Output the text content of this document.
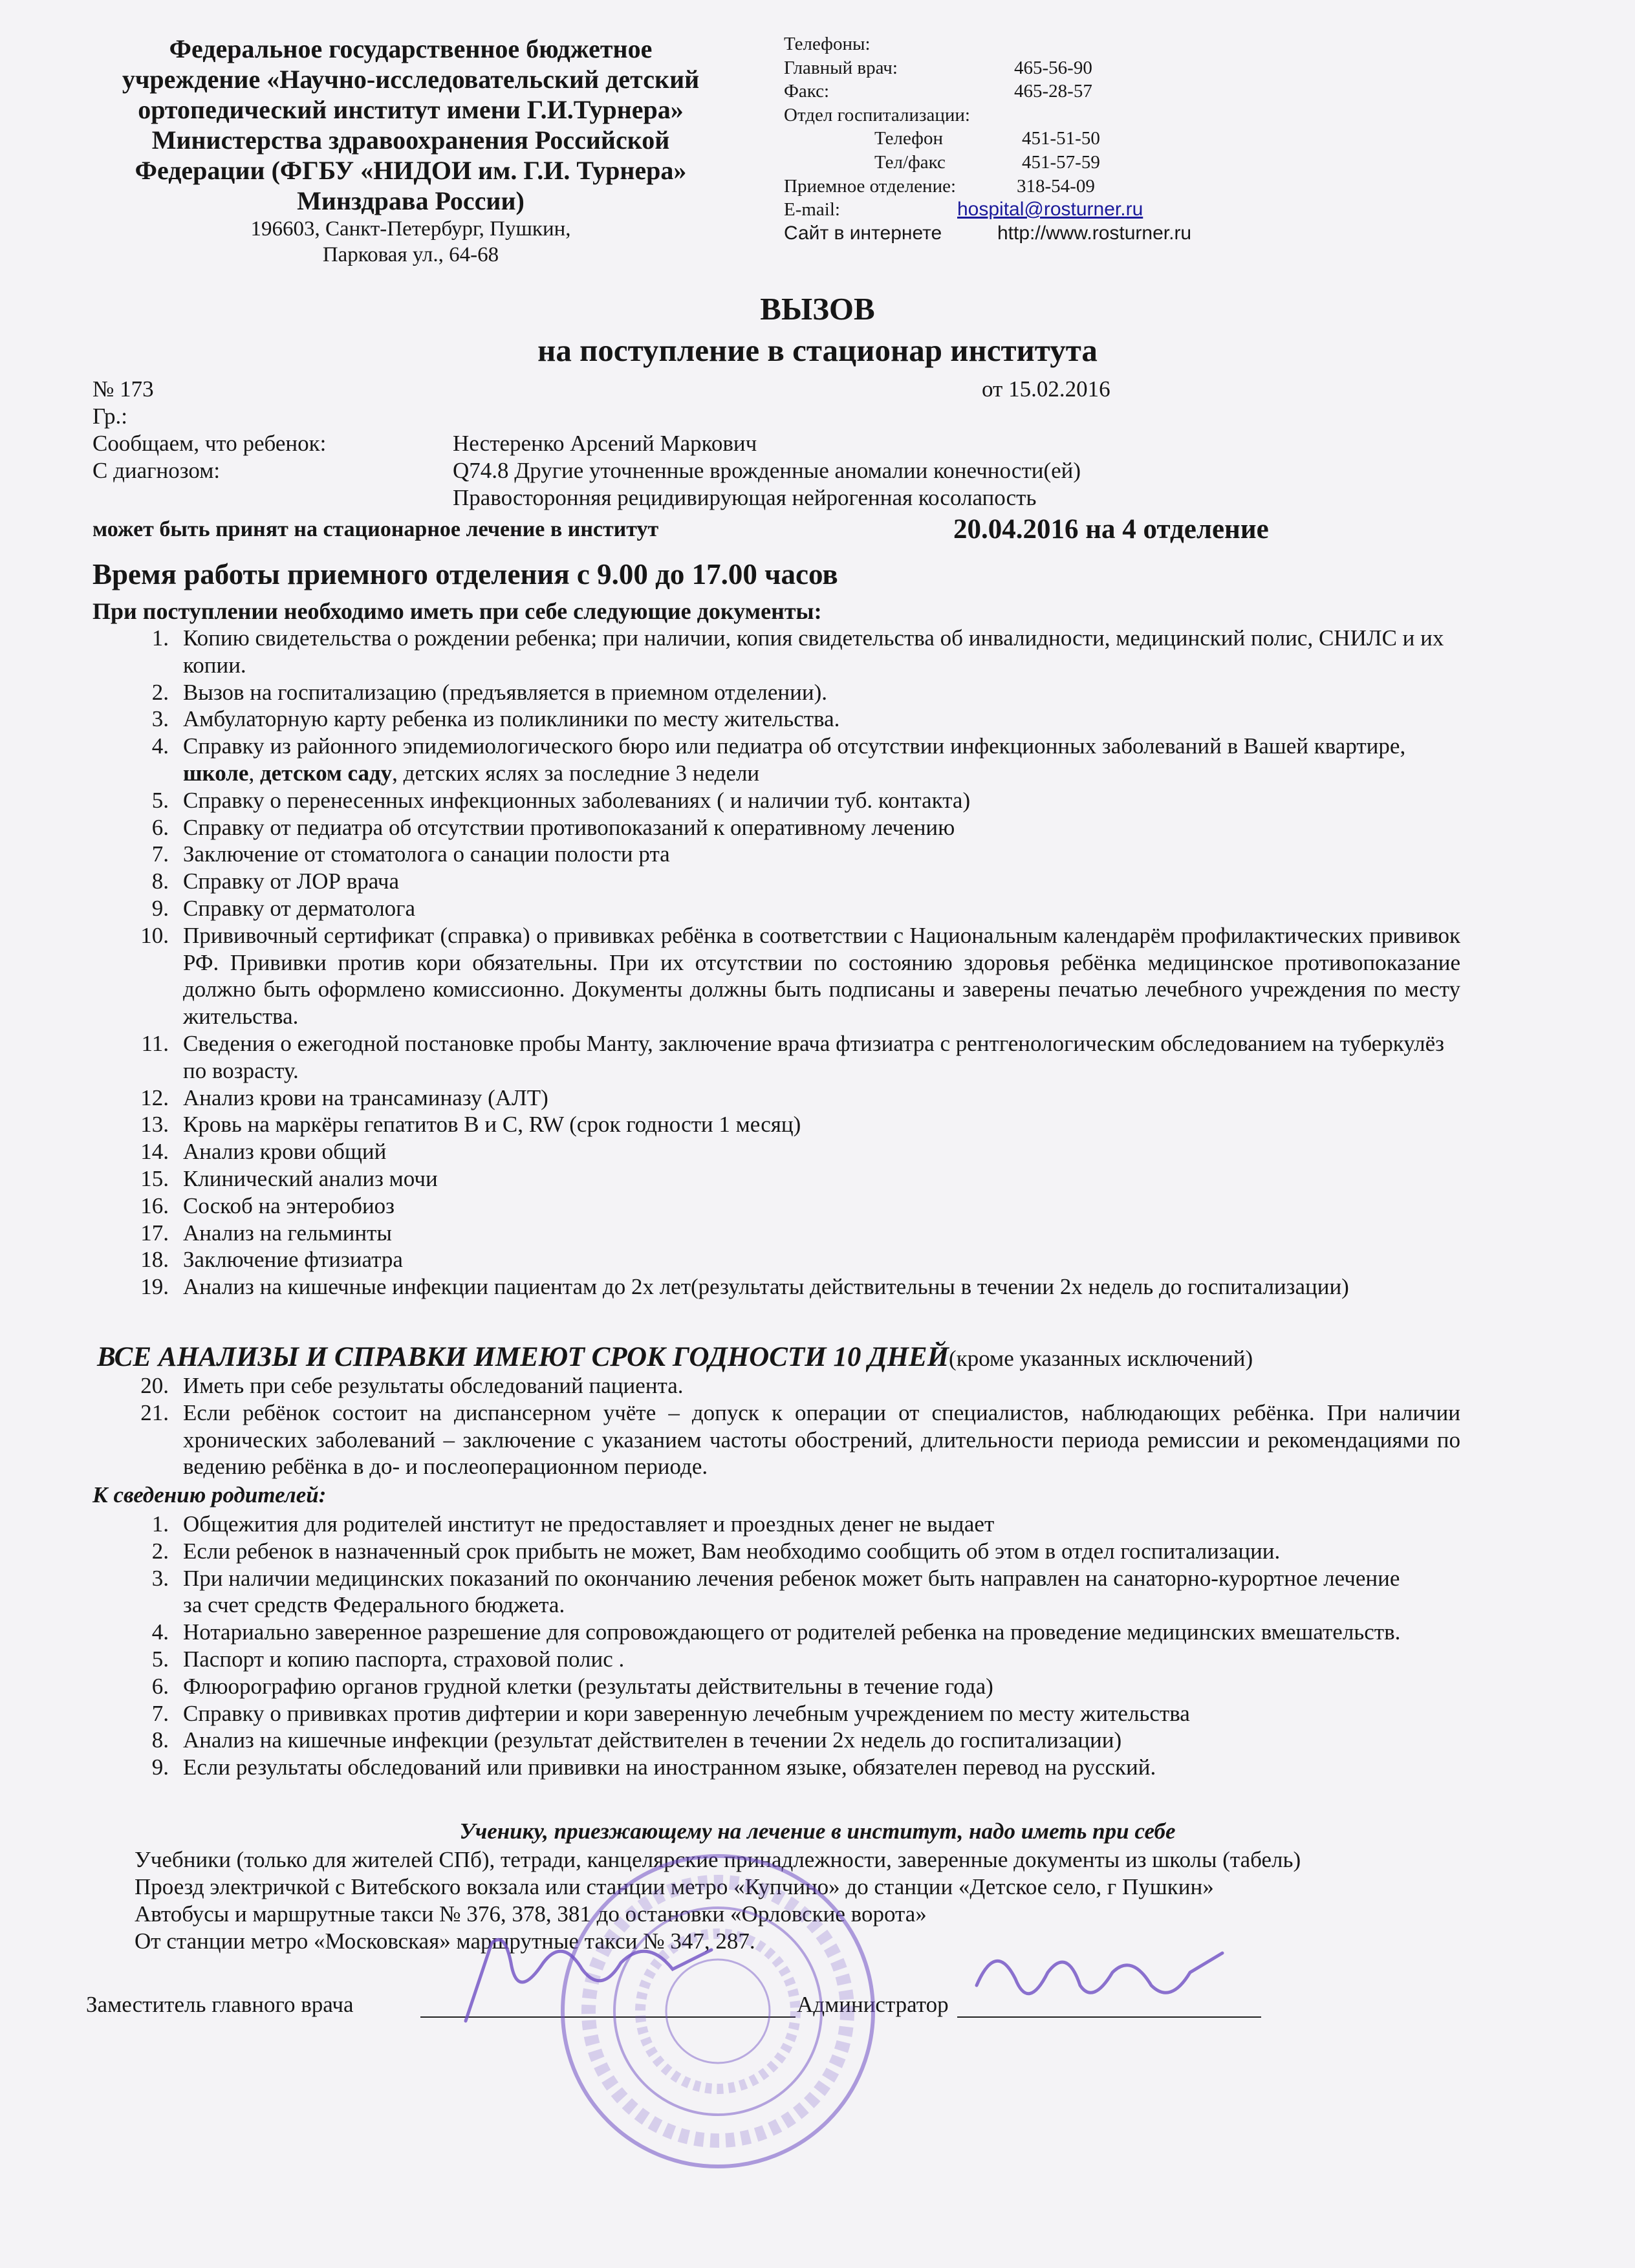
Федеральное государственное бюджетное
учреждение «Научно-исследовательский детский
ортопедический институт имени Г.И.Турнера»
Министерства здравоохранения Российской
Федерации (ФГБУ «НИДОИ им. Г.И. Турнера»
Минздрава России)
196603, Санкт-Петербург, Пушкин,
Парковая ул., 64-68
Телефоны:
Главный врач:	465-56-90
Факс:	465-28-57
Отдел госпитализации:
Телефон	451-51-50
Тел/факс	451-57-59
Приемное отделение:	318-54-09
E-mail:	hospital@rosturner.ru
Сайт в интернете	http://www.rosturner.ru
ВЫЗОВ
на поступление в стационар института
№ 173	от 15.02.2016
Гр.:
Сообщаем, что ребенок:	Нестеренко Арсений Маркович
С диагнозом:	Q74.8 Другие уточненные врожденные аномалии конечности(ей)
Правосторонняя рецидивирующая нейрогенная косолапость
может быть принят на стационарное лечение в институт	20.04.2016 на 4 отделение
Время работы приемного отделения с 9.00 до 17.00 часов
При поступлении необходимо иметь при себе следующие документы:
1. Копию свидетельства о рождении ребенка; при наличии, копия свидетельства об инвалидности, медицинский полис, СНИЛС и их копии.
2. Вызов на госпитализацию (предъявляется в приемном отделении).
3. Амбулаторную карту ребенка из поликлиники по месту жительства.
4. Справку из районного эпидемиологического бюро или педиатра об отсутствии инфекционных заболеваний в Вашей квартире, школе, детском саду, детских яслях за последние 3 недели
5. Справку о перенесенных инфекционных заболеваниях ( и наличии туб. контакта)
6. Справку от педиатра об отсутствии противопоказаний к оперативному лечению
7. Заключение от стоматолога о санации полости рта
8. Справку от ЛОР врача
9. Справку от дерматолога
10. Прививочный сертификат (справка) о прививках ребёнка в соответствии с Национальным календарём профилактических прививок РФ. Прививки против кори обязательны. При их отсутствии по состоянию здоровья ребёнка медицинское противопоказание должно быть оформлено комиссионно. Документы должны быть подписаны и заверены печатью лечебного учреждения по месту жительства.
11. Сведения о ежегодной постановке пробы Манту, заключение врача фтизиатра с рентгенологическим обследованием на туберкулёз по возрасту.
12. Анализ крови на трансаминазу (АЛТ)
13. Кровь на маркёры гепатитов В и С, RW (срок годности 1 месяц)
14. Анализ крови общий
15. Клинический анализ мочи
16. Соскоб на энтеробиоз
17. Анализ на гельминты
18. Заключение фтизиатра
19. Анализ на кишечные инфекции пациентам до 2х лет(результаты действительны в течении 2х недель до госпитализации)
ВСЕ АНАЛИЗЫ И СПРАВКИ ИМЕЮТ СРОК ГОДНОСТИ 10 ДНЕЙ(кроме указанных исключений)
20. Иметь при себе результаты обследований пациента.
21. Если ребёнок состоит на диспансерном учёте – допуск к операции от специалистов, наблюдающих ребёнка. При наличии хронических заболеваний – заключение с указанием частоты обострений, длительности периода ремиссии и рекомендациями по ведению ребёнка в до- и послеоперационном периоде.
К сведению родителей:
1. Общежития для родителей институт не предоставляет и проездных денег не выдает
2. Если ребенок в назначенный срок прибыть не может, Вам необходимо сообщить об этом в отдел госпитализации.
3. При наличии медицинских показаний по окончанию лечения ребенок может быть направлен на санаторно-курортное лечение за счет средств Федерального бюджета.
4. Нотариально заверенное разрешение для сопровождающего от родителей ребенка на проведение медицинских вмешательств.
5. Паспорт и копию паспорта, страховой полис .
6. Флюорографию органов грудной клетки (результаты действительны в течение года)
7. Справку о прививках против дифтерии и кори заверенную лечебным учреждением по месту жительства
8. Анализ на кишечные инфекции (результат действителен в течении 2х недель до госпитализации)
9. Если результаты обследований или прививки на иностранном языке, обязателен перевод на русский.
Ученику, приезжающему на лечение в институт, надо иметь при себе
Учебники (только для жителей СПб), тетради, канцелярские принадлежности, заверенные документы из школы (табель)
Проезд электричкой с Витебского вокзала или станции метро «Купчино» до станции «Детское село, г Пушкин»
Автобусы и маршрутные такси № 376, 378, 381 до остановки «Орловские ворота»
От станции метро «Московская» маршрутные такси № 347, 287.
Заместитель главного врача	Администратор
